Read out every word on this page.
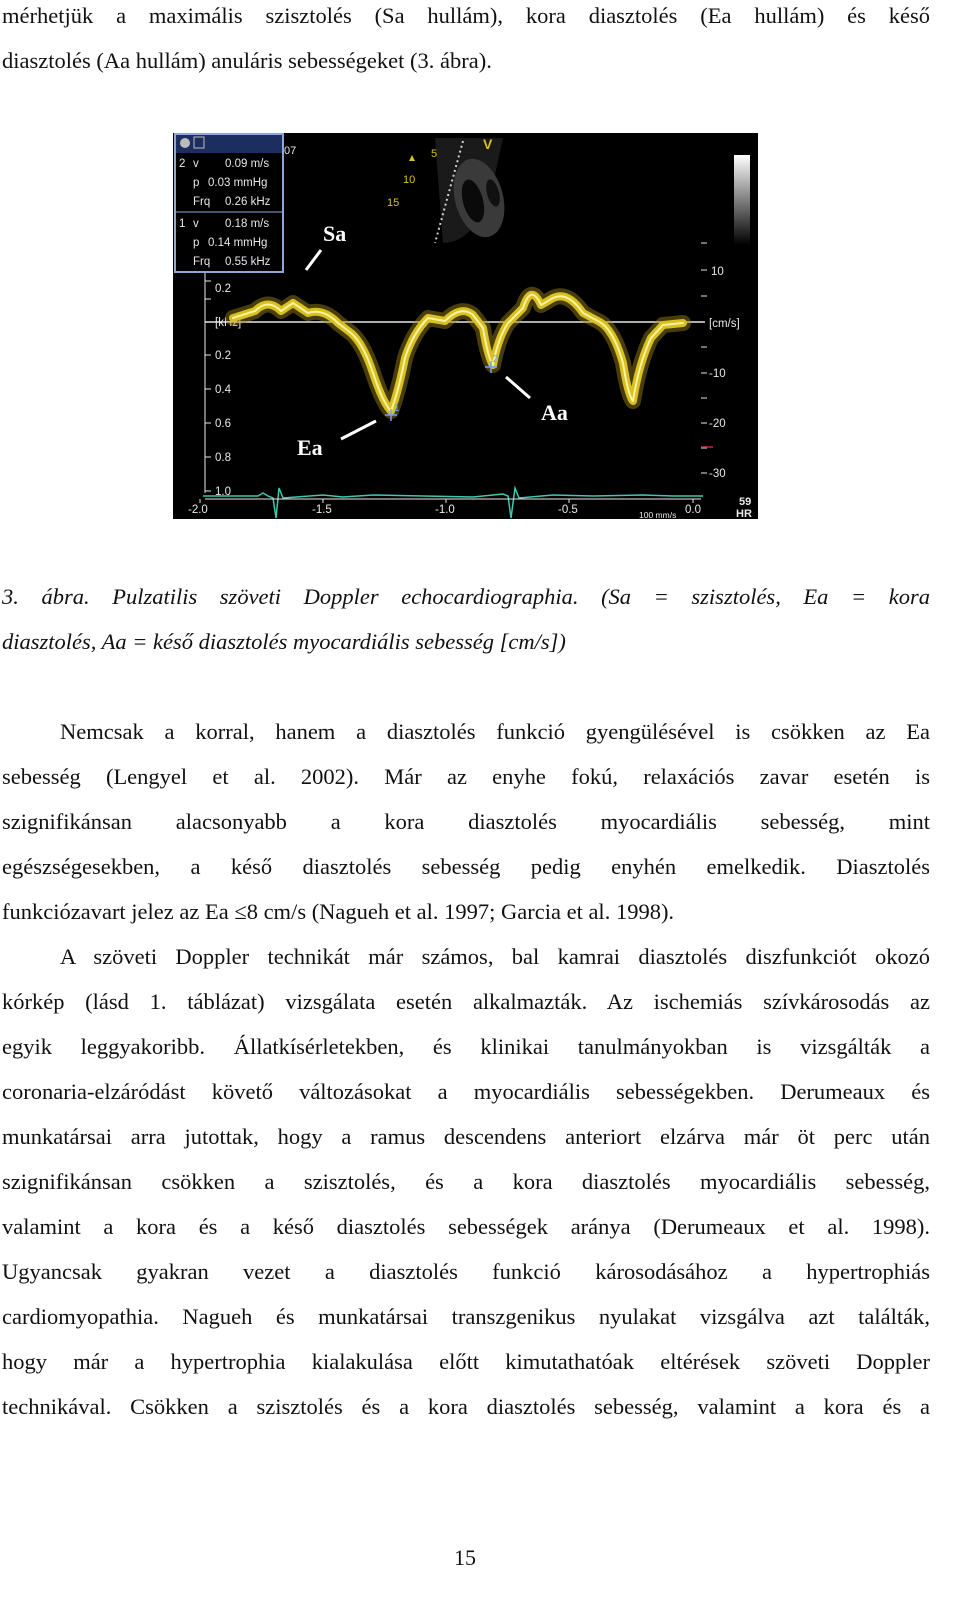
mérhetjük a maximális szisztolés (Sa hullám), kora diasztolés (Ea hullám) és késő
diasztolés (Aa hullám) anuláris sebességeket (3. ábra).
V
5
10
15
2 v 0.09 m/s
p 0.03 mmHg
Frq 0.26 kHz
1 v 0.18 m/s
p 0.14 mmHg
Frq 0.55 kHz
07
0.2
[kHz]
0.2
0.4
0.6
0.8
1.0
10
[cm/s]
-10
-20
-30
1
2
Sa
Ea
Aa
-2.0	-1.5	-1.0	-0.5	0.0
100 mm/s
59
HR
3. ábra. Pulzatilis szöveti Doppler echocardiographia. (Sa = szisztolés, Ea = kora
diasztolés, Aa = késő diasztolés myocardiális sebesség [cm/s])
Nemcsak a korral, hanem a diasztolés funkció gyengülésével is csökken az Ea
sebesség (Lengyel et al. 2002). Már az enyhe fokú, relaxációs zavar esetén is
szignifikánsan alacsonyabb a kora diasztolés myocardiális sebesség, mint
egészségesekben, a késő diasztolés sebesség pedig enyhén emelkedik. Diasztolés
funkciózavart jelez az Ea ≤8 cm/s (Nagueh et al. 1997; Garcia et al. 1998).
A szöveti Doppler technikát már számos, bal kamrai diasztolés diszfunkciót okozó
kórkép (lásd 1. táblázat) vizsgálata esetén alkalmazták. Az ischemiás szívkárosodás az
egyik leggyakoribb. Állatkísérletekben, és klinikai tanulmányokban is vizsgálták a
coronaria-elzáródást követő változásokat a myocardiális sebességekben. Derumeaux és
munkatársai arra jutottak, hogy a ramus descendens anteriort elzárva már öt perc után
szignifikánsan csökken a szisztolés, és a kora diasztolés myocardiális sebesség,
valamint a kora és a késő diasztolés sebességek aránya (Derumeaux et al. 1998).
Ugyancsak gyakran vezet a diasztolés funkció károsodásához a hypertrophiás
cardiomyopathia. Nagueh és munkatársai transzgenikus nyulakat vizsgálva azt találták,
hogy már a hypertrophia kialakulása előtt kimutathatóak eltérések szöveti Doppler
technikával. Csökken a szisztolés és a kora diasztolés sebesség, valamint a kora és a
15
